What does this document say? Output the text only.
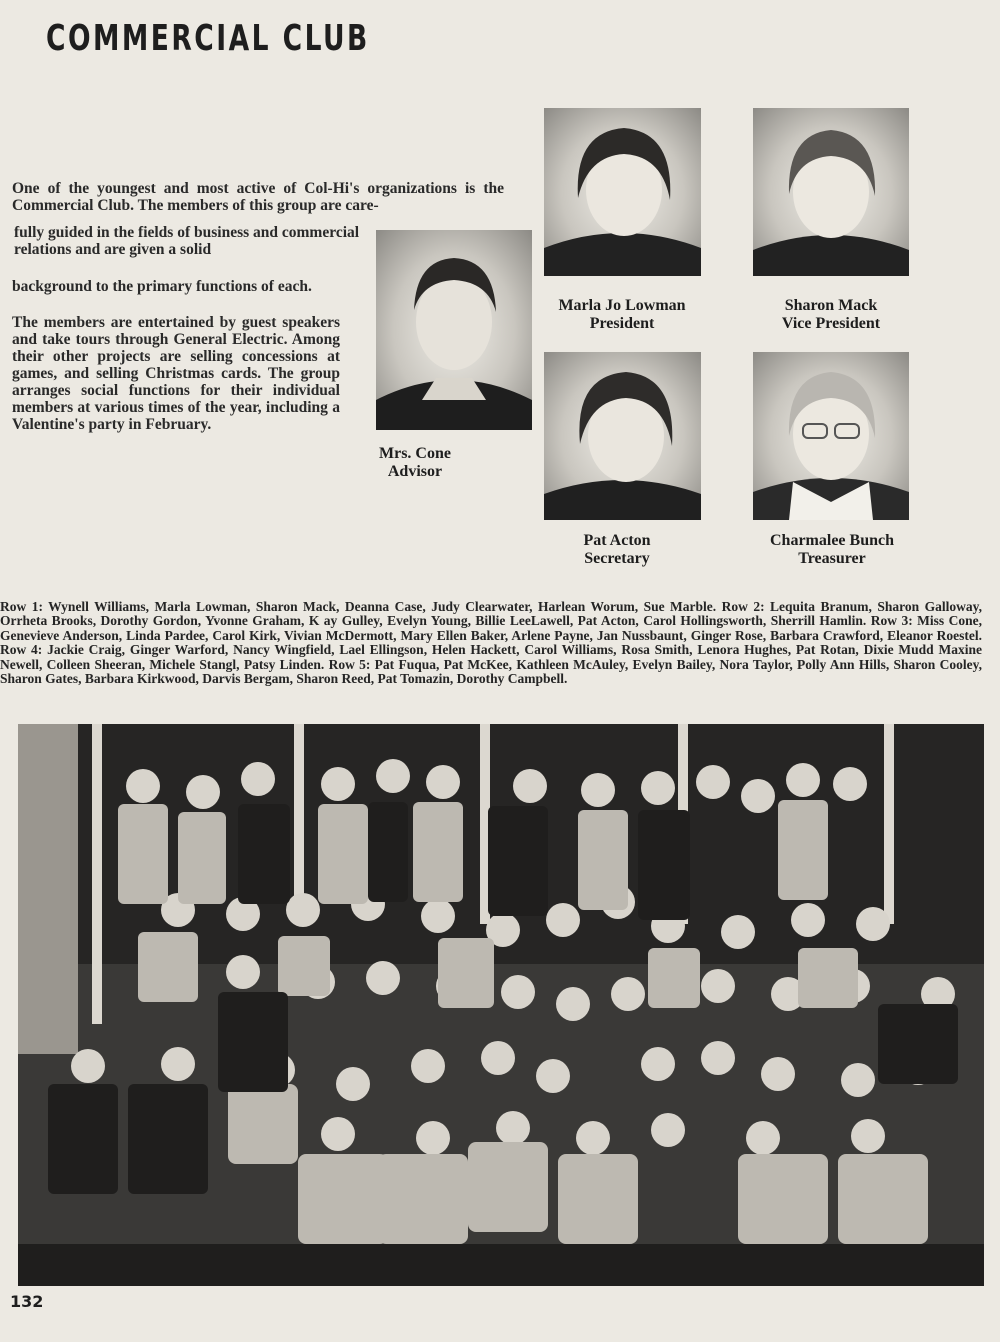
COMMERCIAL CLUB

One of the youngest and most active of Col-Hi's organizations is the Commercial Club. The members of this group are care-

fully guided in the fields of business and commercial relations and are given a solid

background to the primary functions of each.

The members are entertained by guest speakers and take tours through General Electric. Among their other projects are selling concessions at games, and selling Christmas cards. The group arranges social functions for their individual members at various times of the year, including a Valentine's party in February.

Mrs. Cone
Advisor
Marla Jo Lowman
President
Sharon Mack
Vice President
Pat Acton
Secretary
Charmalee Bunch
Treasurer

Row 1: Wynell Williams, Marla Lowman, Sharon Mack, Deanna Case, Judy Clearwater, Harlean Worum, Sue Marble. Row 2: Lequita Branum, Sharon Galloway, Orrheta Brooks, Dorothy Gordon, Yvonne Graham, K ay Gulley, Evelyn Young, Billie LeeLawell, Pat Acton, Carol Hollingsworth, Sherrill Hamlin. Row 3: Miss Cone, Genevieve Anderson, Linda Pardee, Carol Kirk, Vivian McDermott, Mary Ellen Baker, Arlene Payne, Jan Nussbaunt, Ginger Rose, Barbara Crawford, Eleanor Roestel. Row 4: Jackie Craig, Ginger Warford, Nancy Wingfield, Lael Ellingson, Helen Hackett, Carol Williams, Rosa Smith, Lenora Hughes, Pat Rotan, Dixie Mudd Maxine Newell, Colleen Sheeran, Michele Stangl, Patsy Linden. Row 5: Pat Fuqua, Pat McKee, Kathleen McAuley, Evelyn Bailey, Nora Taylor, Polly Ann Hills, Sharon Cooley, Sharon Gates, Barbara Kirkwood, Darvis Bergam, Sharon Reed, Pat Tomazin, Dorothy Campbell.

132
